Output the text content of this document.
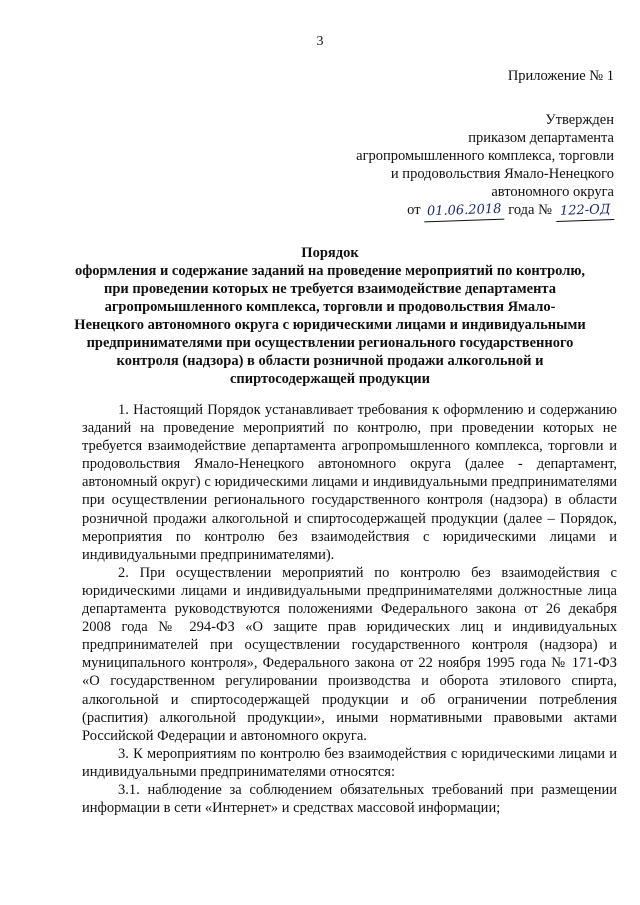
3
Приложение № 1
Утвержден
приказом департамента
агропромышленного комплекса, торговли
и продовольствия Ямало-Ненецкого
автономного округа
от 01.06.2018 года № 122-ОД
Порядок
оформления и содержание заданий на проведение мероприятий по контролю,
при проведении которых не требуется взаимодействие департамента
агропромышленного комплекса, торговли и продовольствия Ямало-
Ненецкого автономного округа с юридическими лицами и индивидуальными
предпринимателями при осуществлении регионального государственного
контроля (надзора) в области розничной продажи алкогольной и
спиртосодержащей продукции

1. Настоящий Порядок устанавливает требования к оформлению и содержанию заданий на проведение мероприятий по контролю, при проведении которых не требуется взаимодействие департамента агропромышленного комплекса, торговли и продовольствия Ямало-Ненецкого автономного округа (далее - департамент, автономный округ) с юридическими лицами и индивидуальными предпринимателями при осуществлении регионального государственного контроля (надзора) в области розничной продажи алкогольной и спиртосодержащей продукции (далее – Порядок, мероприятия по контролю без взаимодействия с юридическими лицами и индивидуальными предпринимателями).

2. При осуществлении мероприятий по контролю без взаимодействия с юридическими лицами и индивидуальными предпринимателями должностные лица департамента руководствуются положениями Федерального закона от 26 декабря 2008 года № 294-ФЗ «О защите прав юридических лиц и индивидуальных предпринимателей при осуществлении государственного контроля (надзора) и муниципального контроля», Федерального закона от 22 ноября 1995 года № 171-ФЗ «О государственном регулировании производства и оборота этилового спирта, алкогольной и спиртосодержащей продукции и об ограничении потребления (распития) алкогольной продукции», иными нормативными правовыми актами Российской Федерации и автономного округа.

3. К мероприятиям по контролю без взаимодействия с юридическими лицами и индивидуальными предпринимателями относятся:

3.1. наблюдение за соблюдением обязательных требований при размещении информации в сети «Интернет» и средствах массовой информации;
